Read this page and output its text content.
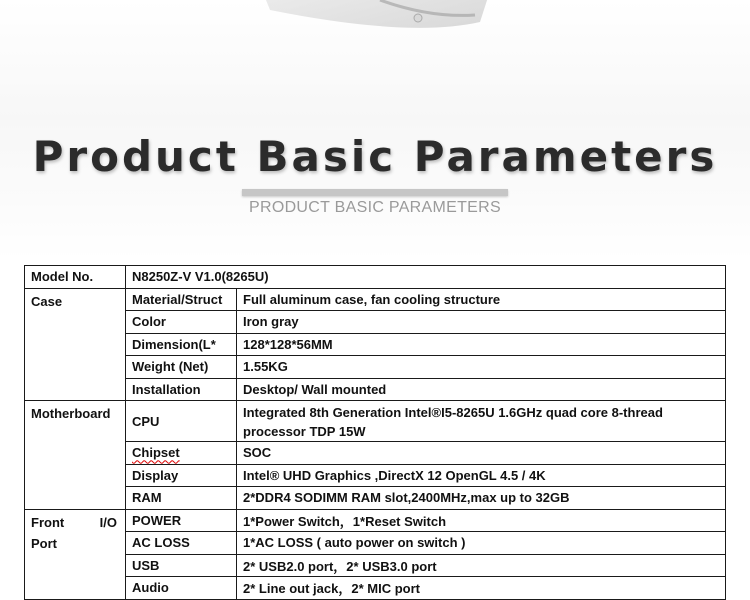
Product Basic Parameters
PRODUCT BASIC PARAMETERS
Model No.	N8250Z-V V1.0(8265U)	
Case	Material/Struct	Full aluminum case, fan cooling structure
	Color	Iron gray
	Dimension(L*	128*128*56MM
	Weight (Net)	1.55KG
	Installation	Desktop/ Wall mounted
Motherboard	CPU	Integrated 8th Generation Intel®I5-8265U 1.6GHz quad core 8-thread processor TDP 15W
	Chipset	SOC
	Display	Intel® UHD Graphics ,DirectX 12 OpenGL 4.5 / 4K
	RAM	2*DDR4 SODIMM RAM slot,2400MHz,max up to 32GB

Front I/O
Port	POWER	1*Power Switch，1*Reset Switch
	AC LOSS	1*AC LOSS ( auto power on switch )
	USB	2* USB2.0 port，2* USB3.0 port
	Audio	2* Line out jack，2* MIC port
